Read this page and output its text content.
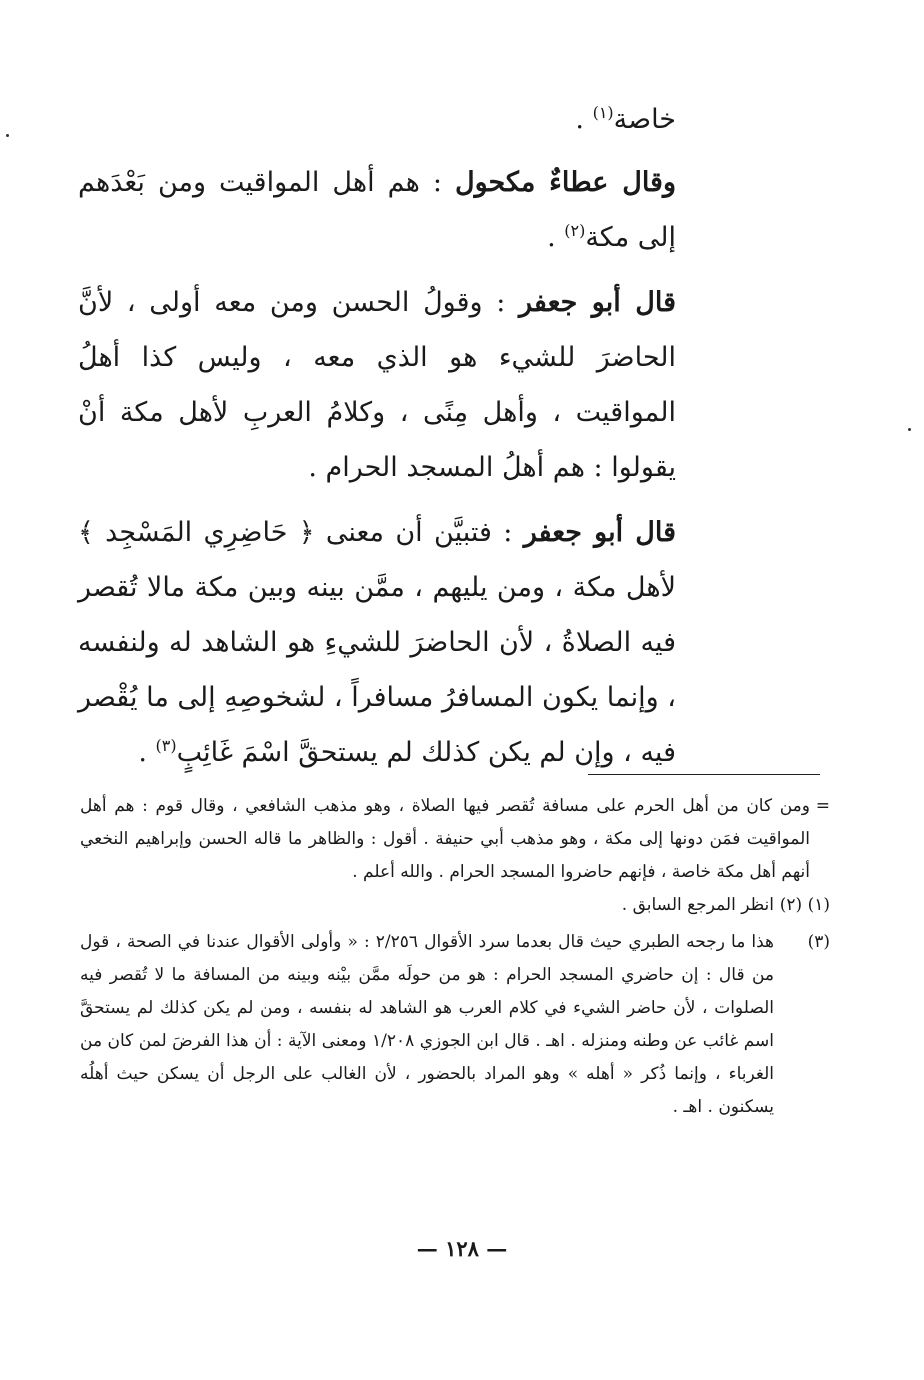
خاصة$^{(١)}$ .

وقال عطاءٌ مكحول : هم أهل المواقيت ومن بَعْدَهم إلى مكة$^{(٢)}$ .

قال أبو جعفر : وقولُ الحسن ومن معه أولى ، لأنَّ الحاضرَ للشيء هو الذي معه ، وليس كذا أهلُ المواقيت ، وأهل مِنًى ، وكلامُ العربِ لأهل مكة أنْ يقولوا : هم أهلُ المسجد الحرام .

قال أبو جعفر : فتبيَّن أن معنى ﴿ حَاضِرِي المَسْجِد ﴾ لأهل مكة ، ومن يليهم ، ممَّن بينه وبين مكة مالا تُقصر فيه الصلاةُ ، لأن الحاضرَ للشيءِ هو الشاهد له ولنفسه ، وإنما يكون المسافرُ مسافراً ، لشخوصِهِ إلى ما يُقْصر فيه ، وإن لم يكن كذلك لم يستحقَّ اسْمَ غَائِبٍ$^{(٣)}$ .

=
ومن كان من أهل الحرم على مسافة تُقصر فيها الصلاة ، وهو مذهب الشافعي ، وقال قوم : هم أهل المواقيت فمَن دونها إلى مكة ، وهو مذهب أبي حنيفة . أقول : والظاهر ما قاله الحسن وإبراهيم النخعي أنهم أهل مكة خاصة ، فإنهم حاضروا المسجد الحرام . والله أعلم .
(١) (٢)
انظر المرجع السابق .
(٣)
هذا ما رجحه الطبري حيث قال بعدما سرد الأقوال ٢/٢٥٦ : « وأولى الأقوال عندنا في الصحة ، قول من قال : إن حاضري المسجد الحرام : هو من حولَه ممَّن بيْنه وبينه من المسافة ما لا تُقصر فيه الصلوات ، لأن حاضر الشيء في كلام العرب هو الشاهد له بنفسه ، ومن لم يكن كذلك لم يستحقَّ اسم غائب عن وطنه ومنزله . اهـ . قال ابن الجوزي ١/٢٠٨ ومعنى الآية : أن هذا الفرضَ لمن كان من الغرباء ، وإنما ذُكر « أهله » وهو المراد بالحضور ، لأن الغالب على الرجل أن يسكن حيث أهلُه يسكنون . اهـ .
— ١٢٨ —
